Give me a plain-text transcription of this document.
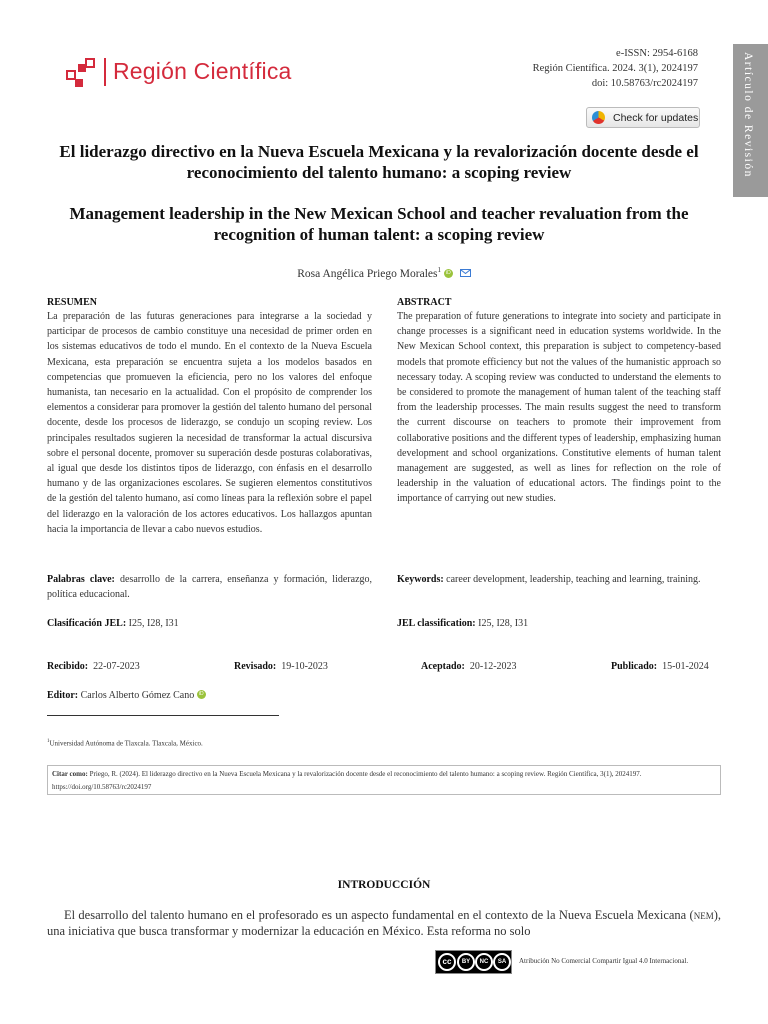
Región Científica
e-ISSN: 2954-6168
Región Científica. 2024. 3(1), 2024197
doi: 10.58763/rc2024197
Check for updates	Artículo de Revisión
El liderazgo directivo en la Nueva Escuela Mexicana y la revalorización docente desde el reconocimiento del talento humano: a scoping review
Management leadership in the New Mexican School and teacher revaluation from the recognition of human talent: a scoping review
Rosa Angélica Priego Morales$^1$ iD
RESUMEN
La preparación de las futuras generaciones para integrarse a la sociedad y participar de procesos de cambio constituye una necesidad de primer orden en los sistemas educativos de todo el mundo. En el contexto de la Nueva Escuela Mexicana, esta preparación se encuentra sujeta a los modelos basados en competencias que promueven la eficiencia, pero no los valores del enfoque humanista, tan necesario en la actualidad. Con el propósito de comprender los elementos a considerar para promover la gestión del talento humano del personal docente, desde los procesos de liderazgo, se condujo un scoping review. Los principales resultados sugieren la necesidad de transformar la actual discursiva sobre el personal docente, promover su superación desde posturas colaborativas, al igual que desde los distintos tipos de liderazgo, con énfasis en el desarrollo humano y de las organizaciones escolares. Se sugieren elementos constitutivos de la gestión del talento humano, así como líneas para la reflexión sobre el papel del liderazgo en la valoración de los actores educativos. Los hallazgos apuntan hacia la importancia de llevar a cabo nuevos estudios.
Palabras clave: desarrollo de la carrera, enseñanza y formación, liderazgo, política educacional.
Clasificación JEL: I25, I28, I31
ABSTRACT
The preparation of future generations to integrate into society and participate in change processes is a significant need in education systems worldwide. In the New Mexican School context, this preparation is subject to competency-based models that promote efficiency but not the values of the humanistic approach so necessary today. A scoping review was conducted to understand the elements to be considered to promote the management of human talent of the teaching staff from the leadership processes. The main results suggest the need to transform the current discourse on teachers to promote their improvement from collaborative positions and the different types of leadership, emphasizing human development and school organizations. Constitutive elements of human talent management are suggested, as well as lines for reflection on the role of leadership in the valuation of educational actors. The findings point to the importance of carrying out new studies.
Keywords: career development, leadership, teaching and learning, training.
JEL classification: I25, I28, I31
Recibido: 22-07-2023	Revisado: 19-10-2023	Aceptado: 20-12-2023	Publicado: 15-01-2024
Editor: Carlos Alberto Gómez Cano iD
$^1$Universidad Autónoma de Tlaxcala. Tlaxcala, México.
Citar como: Priego, R. (2024). El liderazgo directivo en la Nueva Escuela Mexicana y la revalorización docente desde el reconocimiento del talento humano: a scoping review. Región Científica, 3(1), 2024197. https://doi.org/10.58763/rc2024197
INTRODUCCIÓN
El desarrollo del talento humano en el profesorado es un aspecto fundamental en el contexto de la Nueva Escuela Mexicana (nem), una iniciativa que busca transformar y modernizar la educación en México. Esta reforma no solo
cc	BY	NC	SA	Atribución No Comercial Compartir Igual 4.0 Internacional.
